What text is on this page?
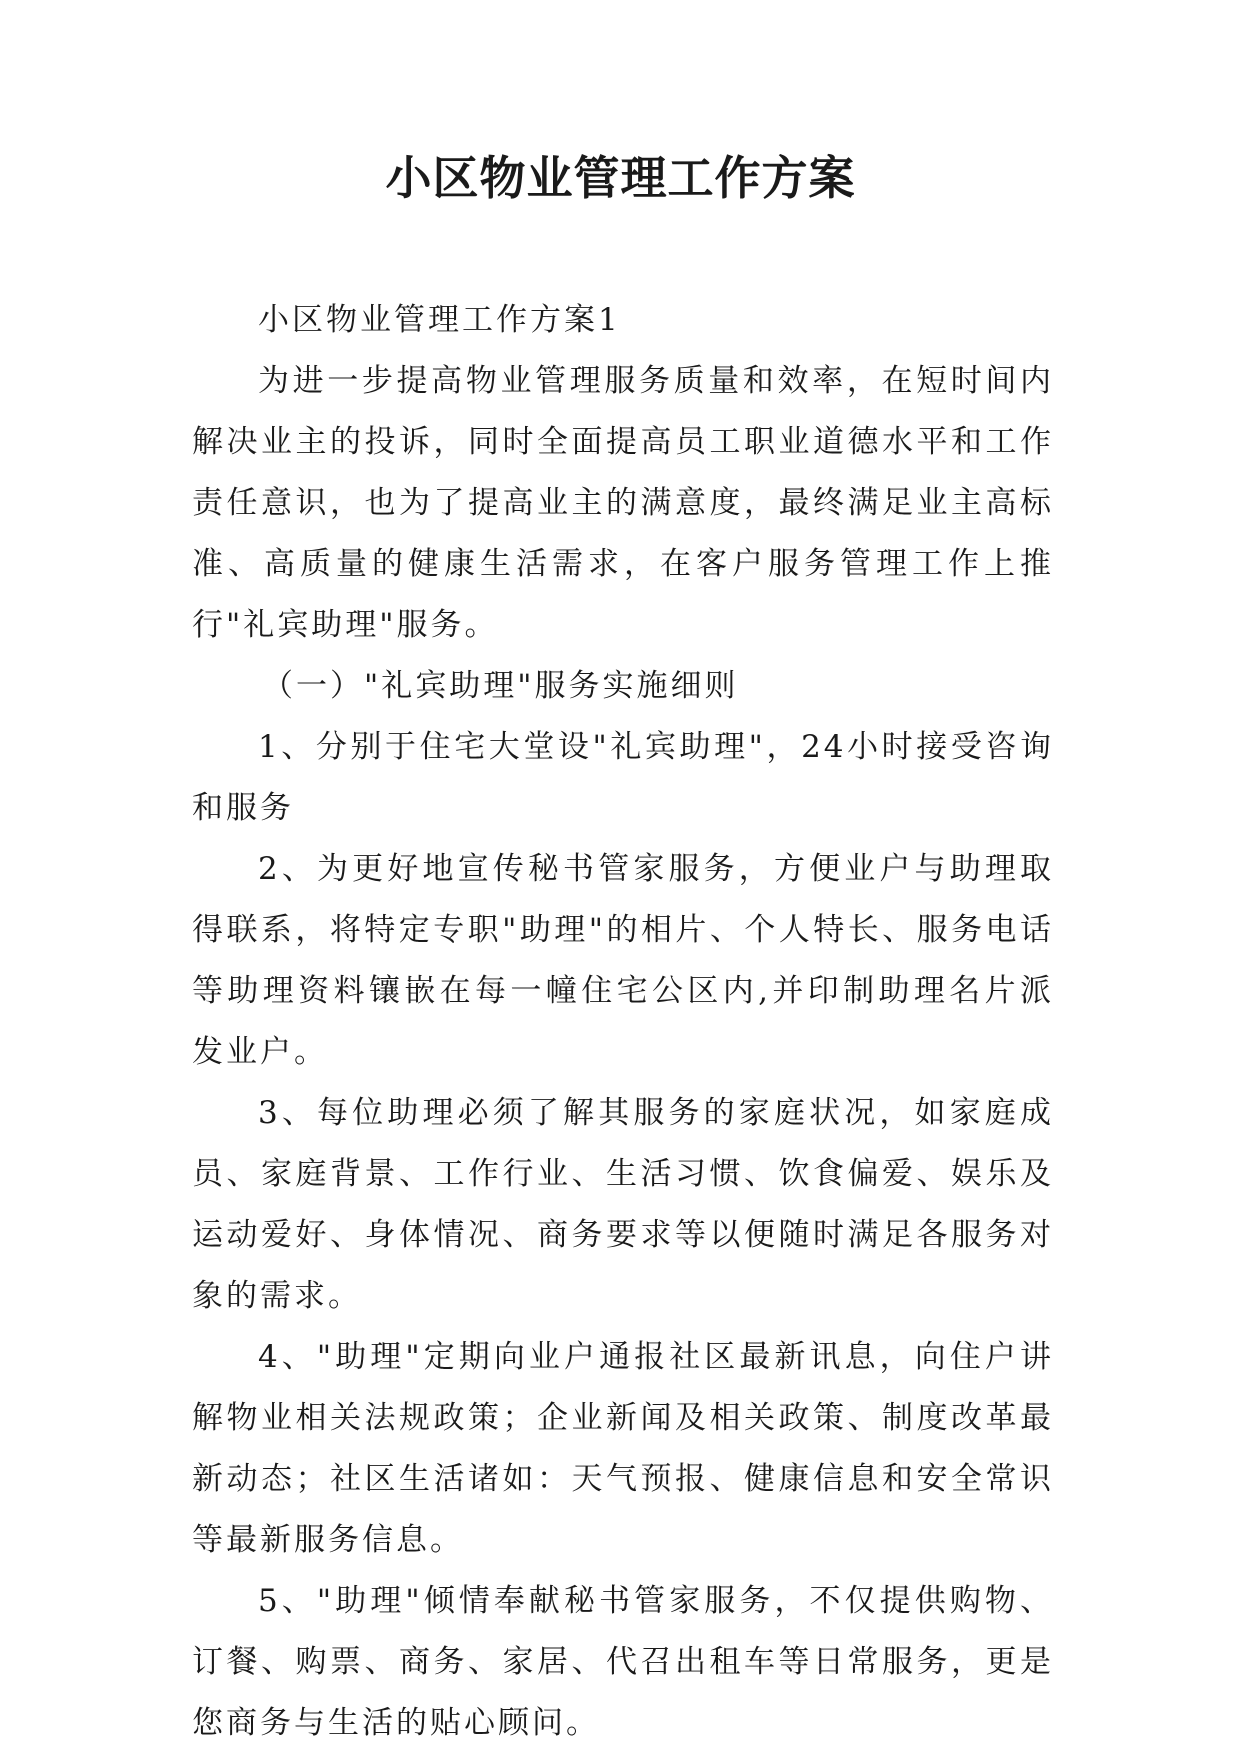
小区物业管理工作方案

小区物业管理工作方案1

为进一步提高物业管理服务质量和效率，在短时间内解决业主的投诉，同时全面提高员工职业道德水平和工作责任意识，也为了提高业主的满意度，最终满足业主高标准、高质量的健康生活需求，在客户服务管理工作上推行"礼宾助理"服务。

（一）"礼宾助理"服务实施细则

1、分别于住宅大堂设"礼宾助理"，24小时接受咨询和服务

2、为更好地宣传秘书管家服务，方便业户与助理取得联系，将特定专职"助理"的相片、个人特长、服务电话等助理资料镶嵌在每一幢住宅公区内,并印制助理名片派发业户。

3、每位助理必须了解其服务的家庭状况，如家庭成员、家庭背景、工作行业、生活习惯、饮食偏爱、娱乐及运动爱好、身体情况、商务要求等以便随时满足各服务对象的需求。

4、"助理"定期向业户通报社区最新讯息，向住户讲解物业相关法规政策；企业新闻及相关政策、制度改革最新动态；社区生活诸如：天气预报、健康信息和安全常识等最新服务信息。

5、"助理"倾情奉献秘书管家服务，不仅提供购物、订餐、购票、商务、家居、代召出租车等日常服务，更是您商务与生活的贴心顾问。
